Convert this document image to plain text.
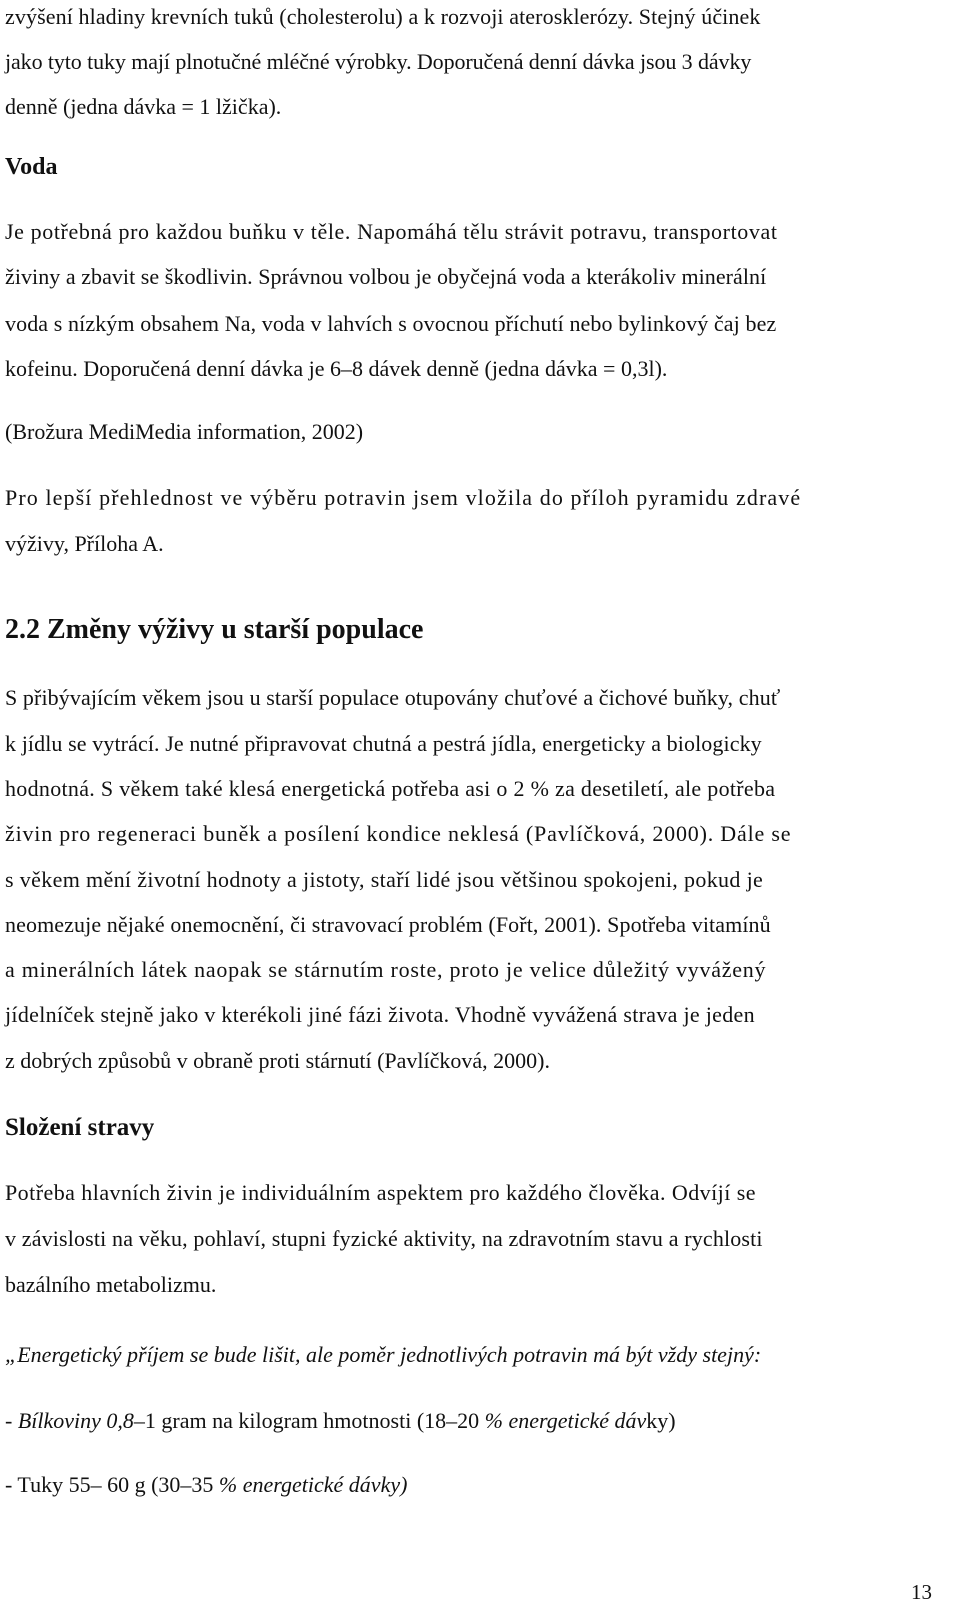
zvýšení hladiny krevních tuků (cholesterolu) a k rozvoji aterosklerózy. Stejný účinek
jako tyto tuky mají plnotučné mléčné výrobky. Doporučená denní dávka jsou 3 dávky
denně (jedna dávka = 1 lžička).
Voda
Je potřebná pro každou buňku v těle. Napomáhá tělu strávit potravu, transportovat
živiny a zbavit se škodlivin. Správnou volbou je obyčejná voda a kterákoliv minerální
voda s nízkým obsahem Na, voda v lahvích s ovocnou příchutí nebo bylinkový čaj bez
kofeinu. Doporučená denní dávka je 6–8 dávek denně (jedna dávka = 0,3l).
(Brožura MediMedia information, 2002)
Pro lepší přehlednost ve výběru potravin jsem vložila do příloh pyramidu zdravé
výživy, Příloha A.
2.2 Změny výživy u starší populace
S přibývajícím věkem jsou u starší populace otupovány chuťové a čichové buňky, chuť
k jídlu se vytrácí. Je nutné připravovat chutná a pestrá jídla, energeticky a biologicky
hodnotná. S věkem také klesá energetická potřeba asi o 2 % za desetiletí, ale potřeba
živin pro regeneraci buněk a posílení kondice neklesá (Pavlíčková, 2000). Dále se
s věkem mění životní hodnoty a jistoty, staří lidé jsou většinou spokojeni, pokud je
neomezuje nějaké onemocnění, či stravovací problém (Fořt, 2001). Spotřeba vitamínů
a minerálních látek naopak se stárnutím roste, proto je velice důležitý vyvážený
jídelníček stejně jako v kterékoli jiné fázi života. Vhodně vyvážená strava je jeden
z dobrých způsobů v obraně proti stárnutí (Pavlíčková, 2000).
Složení stravy
Potřeba hlavních živin je individuálním aspektem pro každého člověka. Odvíjí se
v závislosti na věku, pohlaví, stupni fyzické aktivity, na zdravotním stavu a rychlosti
bazálního metabolizmu.
„Energetický příjem se bude lišit, ale poměr jednotlivých potravin má být vždy stejný:
- Bílkoviny 0,8–1 gram na kilogram hmotnosti (18–20 % energetické dávky)
- Tuky 55– 60 g (30–35 % energetické dávky)
13
